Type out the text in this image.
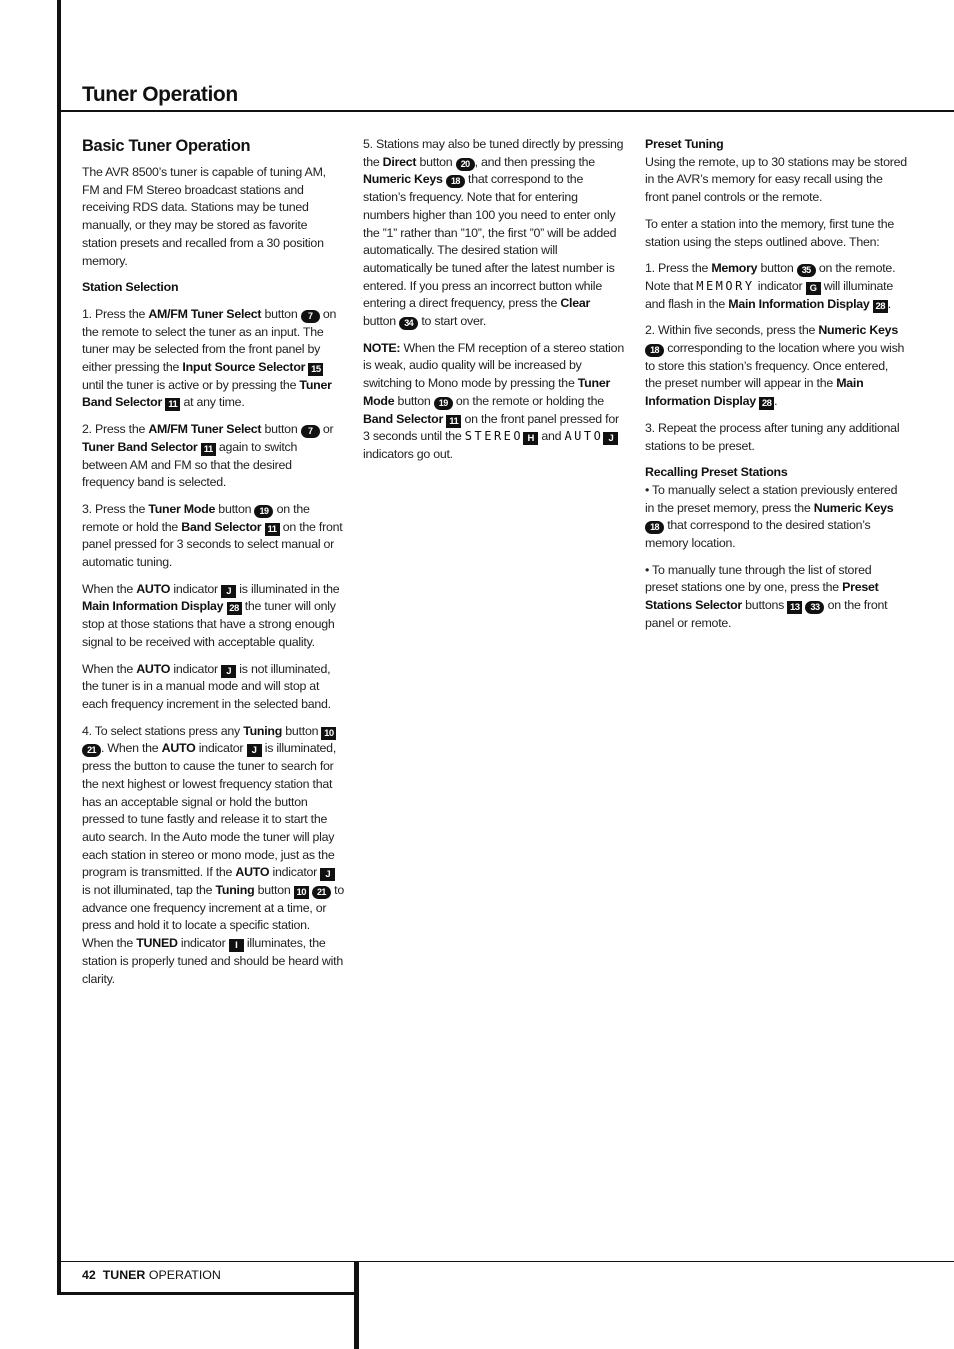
Tuner Operation
Basic Tuner Operation

The AVR 8500’s tuner is capable of tuning AM, FM and FM Stereo broadcast stations and receiving RDS data. Stations may be tuned manually, or they may be stored as favorite station presets and recalled from a 30 position memory.

Station Selection

1. Press the AM/FM Tuner Select button 7 on the remote to select the tuner as an input. The tuner may be selected from the front panel by either pressing the Input Source Selector 15 until the tuner is active or by pressing the Tuner Band Selector 11 at any time.

2. Press the AM/FM Tuner Select button 7 or Tuner Band Selector 11 again to switch between AM and FM so that the desired frequency band is selected.

3. Press the Tuner Mode button 19 on the remote or hold the Band Selector 11 on the front panel pressed for 3 seconds to select manual or automatic tuning.

When the AUTO indicator J is illuminated in the Main Information Display 28 the tuner will only stop at those stations that have a strong enough signal to be received with acceptable quality.

When the AUTO indicator J is not illuminated, the tuner is in a manual mode and will stop at each frequency increment in the selected band.

4. To select stations press any Tuning button 10 21 . When the AUTO indicator J is illuminated, press the button to cause the tuner to search for the next highest or lowest frequency station that has an acceptable signal or hold the button pressed to tune fastly and release it to start the auto search. In the Auto mode the tuner will play each station in stereo or mono mode, just as the program is transmitted. If the AUTO indicator J is not illuminated, tap the Tuning button 10 21 to advance one frequency increment at a time, or press and hold it to locate a specific station. When the TUNED indicator I illuminates, the station is properly tuned and should be heard with clarity.

5. Stations may also be tuned directly by pressing the Direct button 20 , and then pressing the Numeric Keys 18 that correspond to the station’s frequency. Note that for entering numbers higher than 100 you need to enter only the ”1” rather than ”10”, the first ”0” will be added automatically. The desired station will automatically be tuned after the latest number is entered. If you press an incorrect button while entering a direct frequency, press the Clear button 34 to start over.

NOTE: When the FM reception of a stereo station is weak, audio quality will be increased by switching to Mono mode by pressing the Tuner Mode button 19 on the remote or holding the Band Selector 11 on the front panel pressed for 3 seconds until the STEREO H and AUTO J indicators go out.

Preset Tuning

Using the remote, up to 30 stations may be stored in the AVR’s memory for easy recall using the front panel controls or the remote.

To enter a station into the memory, first tune the station using the steps outlined above. Then:

1. Press the Memory button 35 on the remote. Note that MEMORY indicator G will illuminate and flash in the Main Information Display 28 .

2. Within five seconds, press the Numeric Keys 18 corresponding to the location where you wish to store this station’s frequency. Once entered, the preset number will appear in the Main Information Display 28 .

3. Repeat the process after tuning any additional stations to be preset.

Recalling Preset Stations

• To manually select a station previously entered in the preset memory, press the Numeric Keys 18 that correspond to the desired station’s memory location.

• To manually tune through the list of stored preset stations one by one, press the Preset Stations Selector buttons 13 33 on the front panel or remote.

42 TUNER OPERATION
